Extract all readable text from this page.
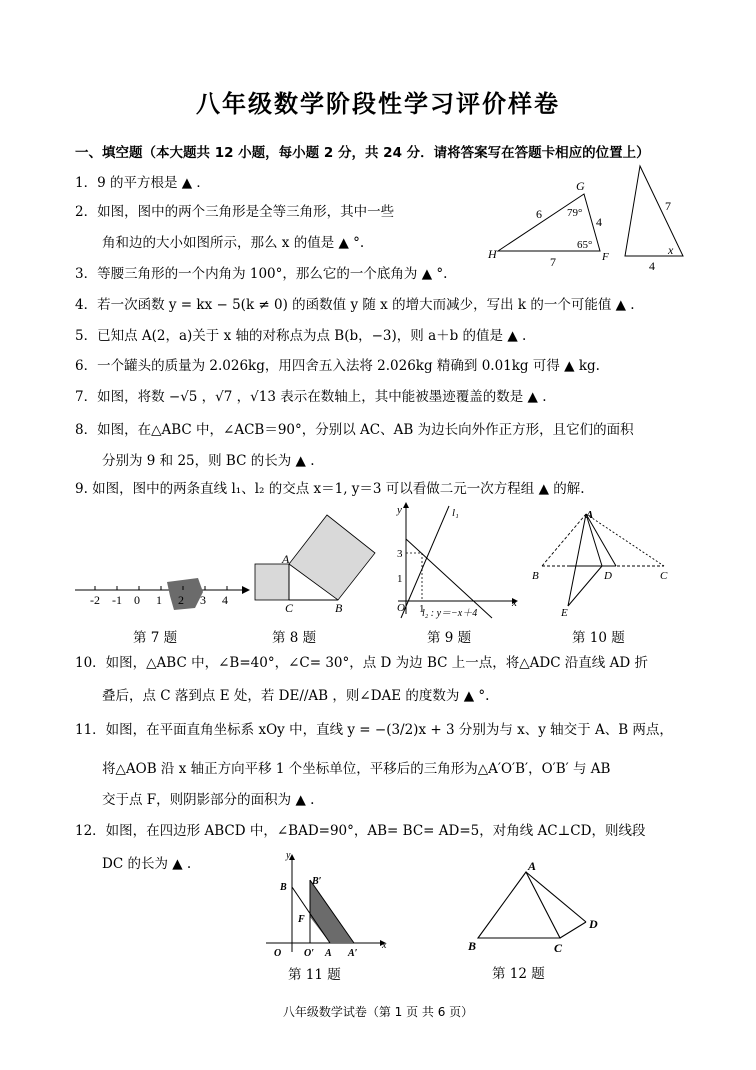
八年级数学阶段性学习评价样卷
一、填空题（本大题共 12 小题，每小题 2 分，共 24 分．请将答案写在答题卡相应的位置上）
1．9 的平方根是 ▲ ．
2．如图，图中的两个三角形是全等三角形，其中一些
角和边的大小如图所示，那么 x 的值是 ▲ °.
3．等腰三角形的一个内角为 100°，那么它的一个底角为 ▲ °.
4．若一次函数 y = kx − 5(k ≠ 0) 的函数值 y 随 x 的增大而减少，写出 k 的一个可能值 ▲ .
5．已知点 A(2，a)关于 x 轴的对称点为点 B(b，−3)，则 a＋b 的值是 ▲ .
6．一个罐头的质量为 2.026kg，用四舍五入法将 2.026kg 精确到 0.01kg 可得 ▲ kg.
7．如图，将数 −√5 ，√7 ，√13 表示在数轴上，其中能被墨迹覆盖的数是 ▲ .
8．如图，在△ABC 中，∠ACB＝90°，分别以 AC、AB 为边长向外作正方形，且它们的面积
分别为 9 和 25，则 BC 的长为 ▲ .
9. 如图，图中的两条直线 l₁、l₂ 的交点 x＝1, y＝3 可以看做二元一次方程组 ▲ 的解.
G
H	F
6
4
7
79°
65°
7
4
x
-2 -1 0 1 2 3 4
A
C	B
y
x
O
l₁
l₂ : y＝−x＋4
3
1
1
A
B	C
D
E
第 7 题	第 8 题	第 9 题	第 10 题
10．如图，△ABC 中，∠B=40°，∠C= 30°，点 D 为边 BC 上一点，将△ADC 沿直线 AD 折
叠后，点 C 落到点 E 处，若 DE//AB ，则∠DAE 的度数为 ▲ °.
11．如图，在平面直角坐标系 xOy 中，直线 y = −(3/2)x + 3 分别为与 x、y 轴交于 A、B 两点，
将△AOB 沿 x 轴正方向平移 1 个坐标单位，平移后的三角形为△A′O′B′，O′B′ 与 AB
交于点 F，则阴影部分的面积为 ▲ .
12．如图，在四边形 ABCD 中，∠BAD=90°，AB= BC= AD=5，对角线 AC⊥CD，则线段
DC 的长为 ▲ .
y
x
O
B
B′
F
O′ A A′
第 11 题
A
B	C
D
第 12 题
八年级数学试卷（第 1 页 共 6 页）
